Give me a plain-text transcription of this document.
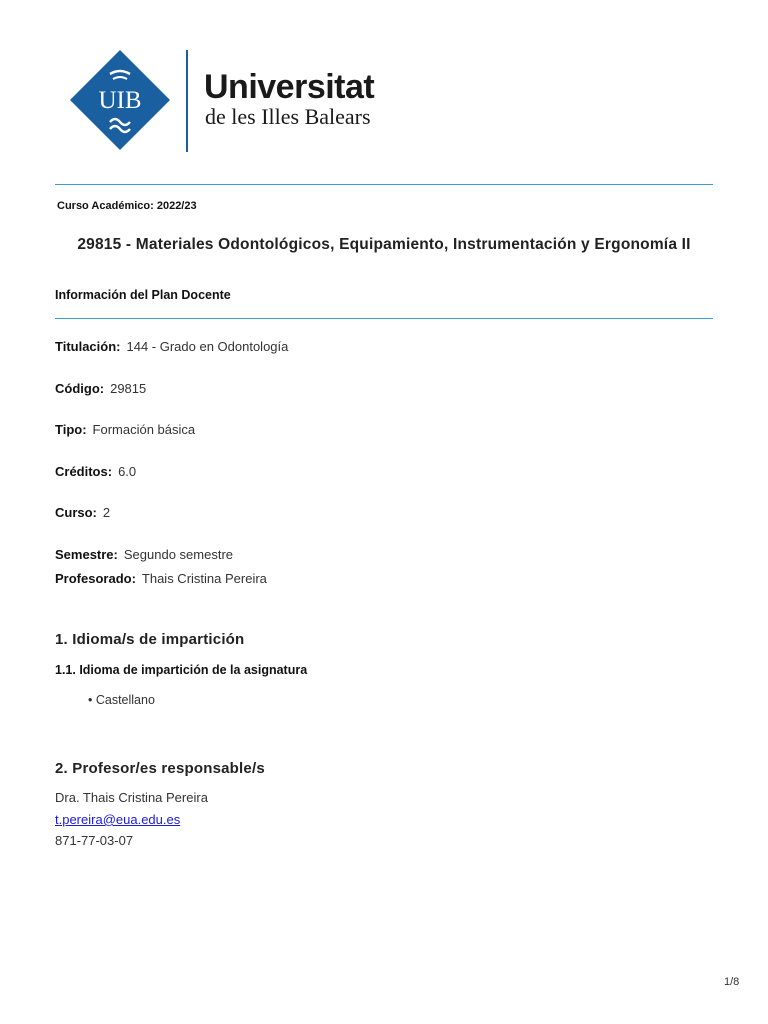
UIB Universitat
de les Illes Balears
Curso Académico: 2022/23
29815 - Materiales Odontológicos, Equipamiento, Instrumentación y Ergonomía II
Información del Plan Docente
Titulación: 144 - Grado en Odontología
Código: 29815
Tipo: Formación básica
Créditos: 6.0
Curso: 2
Semestre: Segundo semestre
Profesorado: Thais Cristina Pereira
1. Idioma/s de impartición
1.1. Idioma de impartición de la asignatura
• Castellano
2. Profesor/es responsable/s
Dra. Thais Cristina Pereira
t.pereira@eua.edu.es
871-77-03-07
1/8
